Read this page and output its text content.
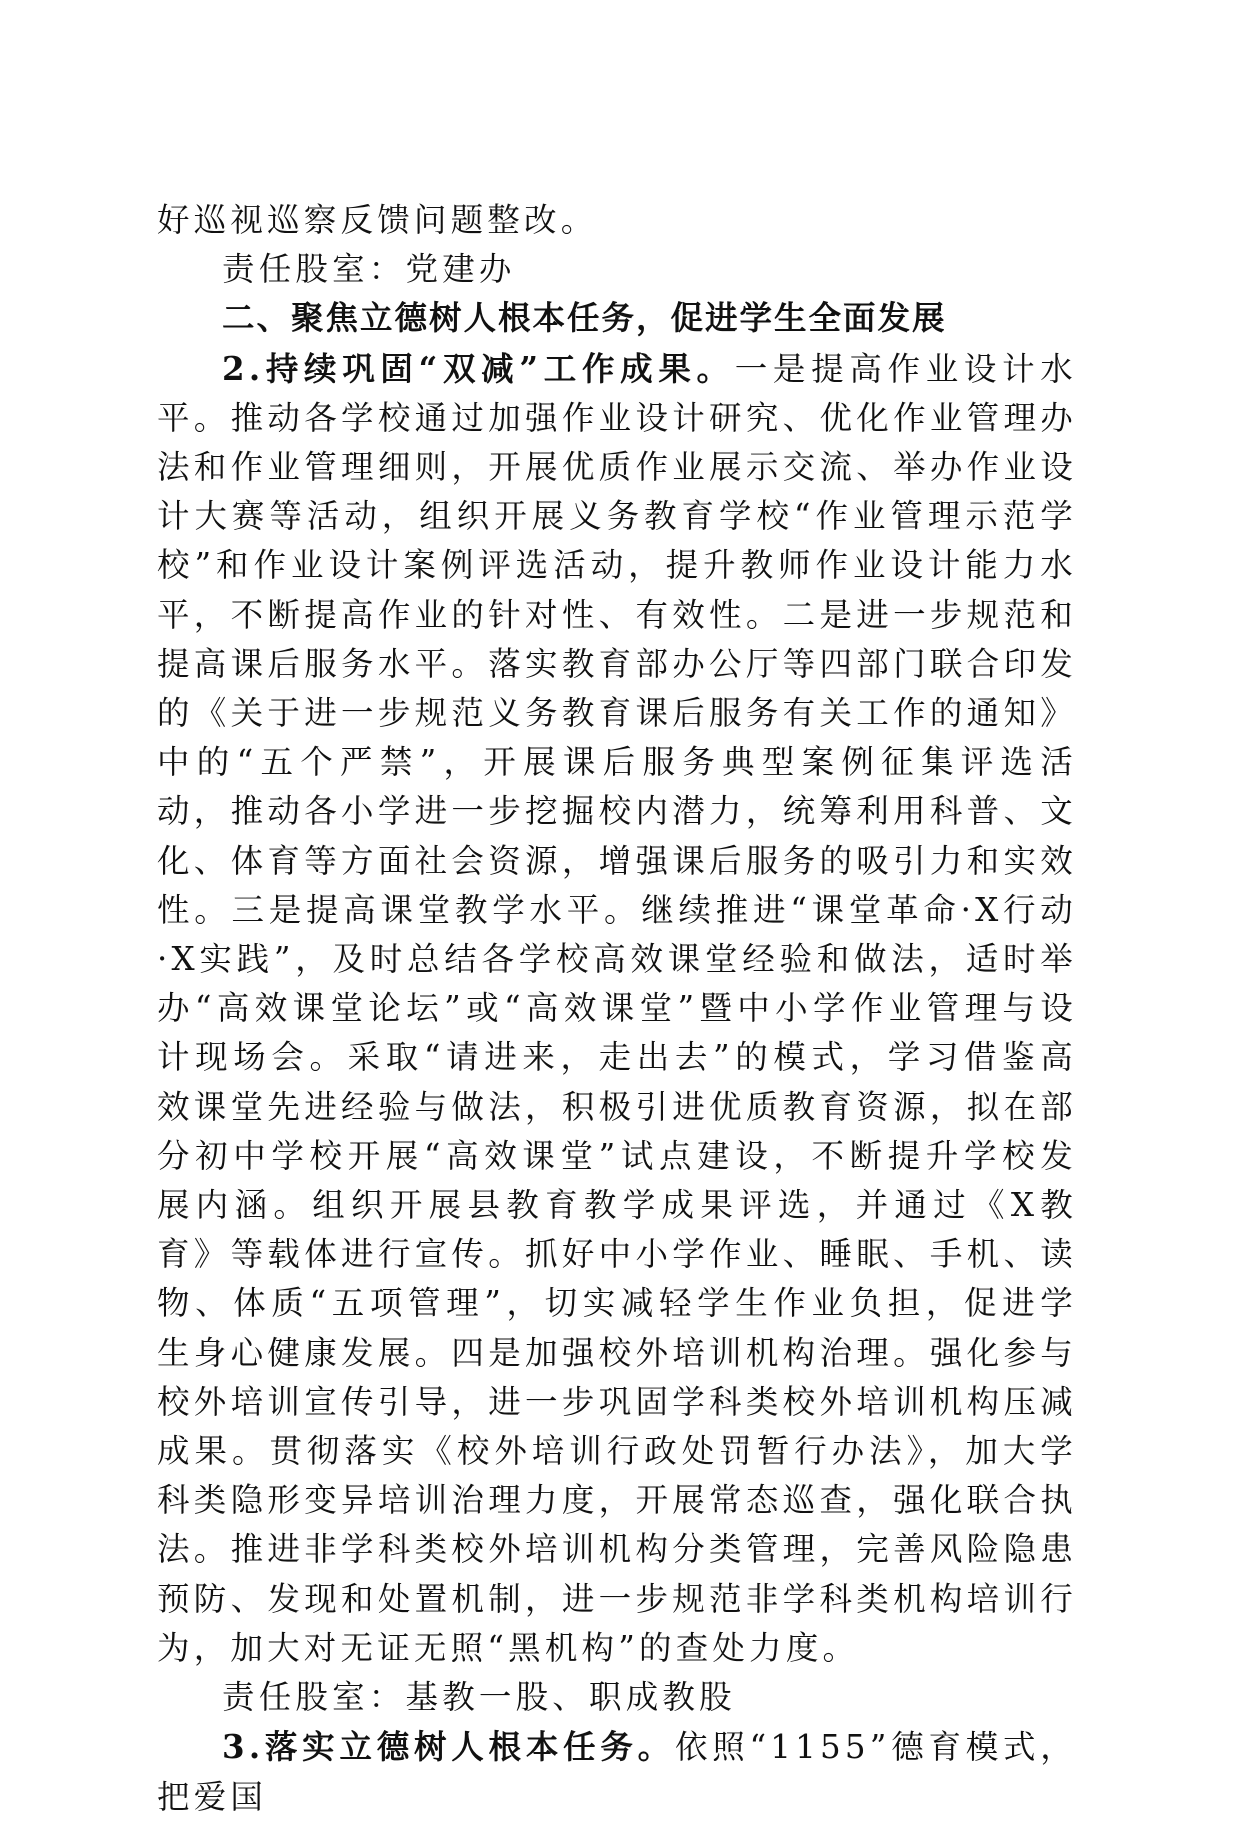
好巡视巡察反馈问题整改。

责任股室：党建办

二、聚焦立德树人根本任务，促进学生全面发展

2.持续巩固“双减”工作成果。一是提高作业设计水平。推动各学校通过加强作业设计研究、优化作业管理办法和作业管理细则，开展优质作业展示交流、举办作业设计大赛等活动，组织开展义务教育学校“作业管理示范学校”和作业设计案例评选活动，提升教师作业设计能力水平，不断提高作业的针对性、有效性。二是进一步规范和提高课后服务水平。落实教育部办公厅等四部门联合印发的《关于进一步规范义务教育课后服务有关工作的通知》中的“五个严禁”，开展课后服务典型案例征集评选活动，推动各小学进一步挖掘校内潜力，统筹利用科普、文化、体育等方面社会资源，增强课后服务的吸引力和实效性。三是提高课堂教学水平。继续推进“课堂革命·X行动·X实践”，及时总结各学校高效课堂经验和做法，适时举办“高效课堂论坛”或“高效课堂”暨中小学作业管理与设计现场会。采取“请进来，走出去”的模式，学习借鉴高效课堂先进经验与做法，积极引进优质教育资源，拟在部分初中学校开展“高效课堂”试点建设，不断提升学校发展内涵。组织开展县教育教学成果评选，并通过《X教育》等载体进行宣传。抓好中小学作业、睡眠、手机、读物、体质“五项管理”，切实减轻学生作业负担，促进学生身心健康发展。四是加强校外培训机构治理。强化参与校外培训宣传引导，进一步巩固学科类校外培训机构压减成果。贯彻落实《校外培训行政处罚暂行办法》，加大学科类隐形变异培训治理力度，开展常态巡查，强化联合执法。推进非学科类校外培训机构分类管理，完善风险隐患预防、发现和处置机制，进一步规范非学科类机构培训行为，加大对无证无照“黑机构”的查处力度。

责任股室：基教一股、职成教股

3.落实立德树人根本任务。依照“1155”德育模式，把爱国
